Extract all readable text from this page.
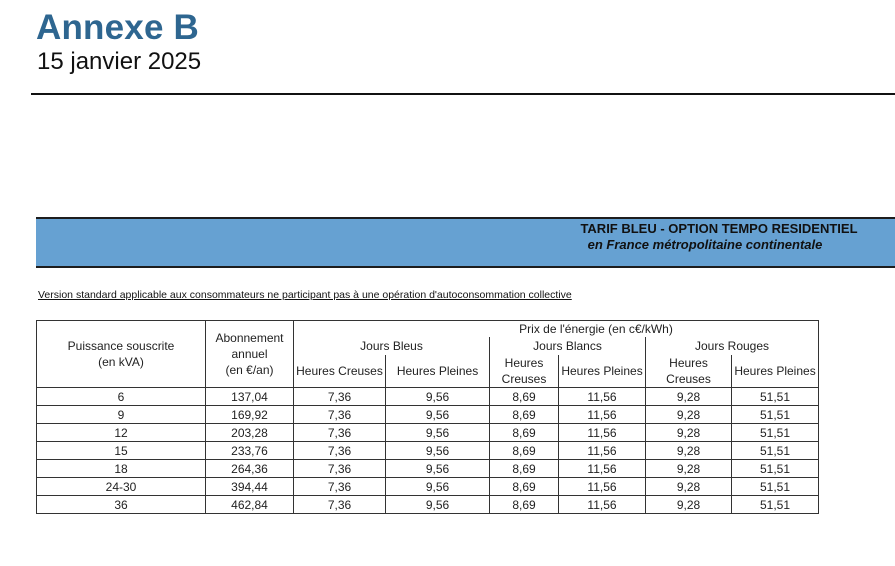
Annexe B
15 janvier 2025
TARIF BLEU - OPTION TEMPO RESIDENTIEL
en France métropolitaine continentale
Version standard applicable aux consommateurs ne participant pas à une opération d'autoconsommation collective
Puissance souscrite
(en kVA)

Abonnement
annuel
(en €/an)
	Prix de l'énergie (en c€/kWh)
		Jours Bleus		Jours Blancs		Jours Rouges	
Heures Creuses	Heures Pleines	
Heures
Creuses
	Heures Pleines	
Heures
Creuses
	Heures Pleines

6	137,04	7,36	9,56	8,69	11,56	9,28	51,51
9	169,92	7,36	9,56	8,69	11,56	9,28	51,51
12	203,28	7,36	9,56	8,69	11,56	9,28	51,51
15	233,76	7,36	9,56	8,69	11,56	9,28	51,51
18	264,36	7,36	9,56	8,69	11,56	9,28	51,51
24-30	394,44	7,36	9,56	8,69	11,56	9,28	51,51
36	462,84	7,36	9,56	8,69	11,56	9,28	51,51
